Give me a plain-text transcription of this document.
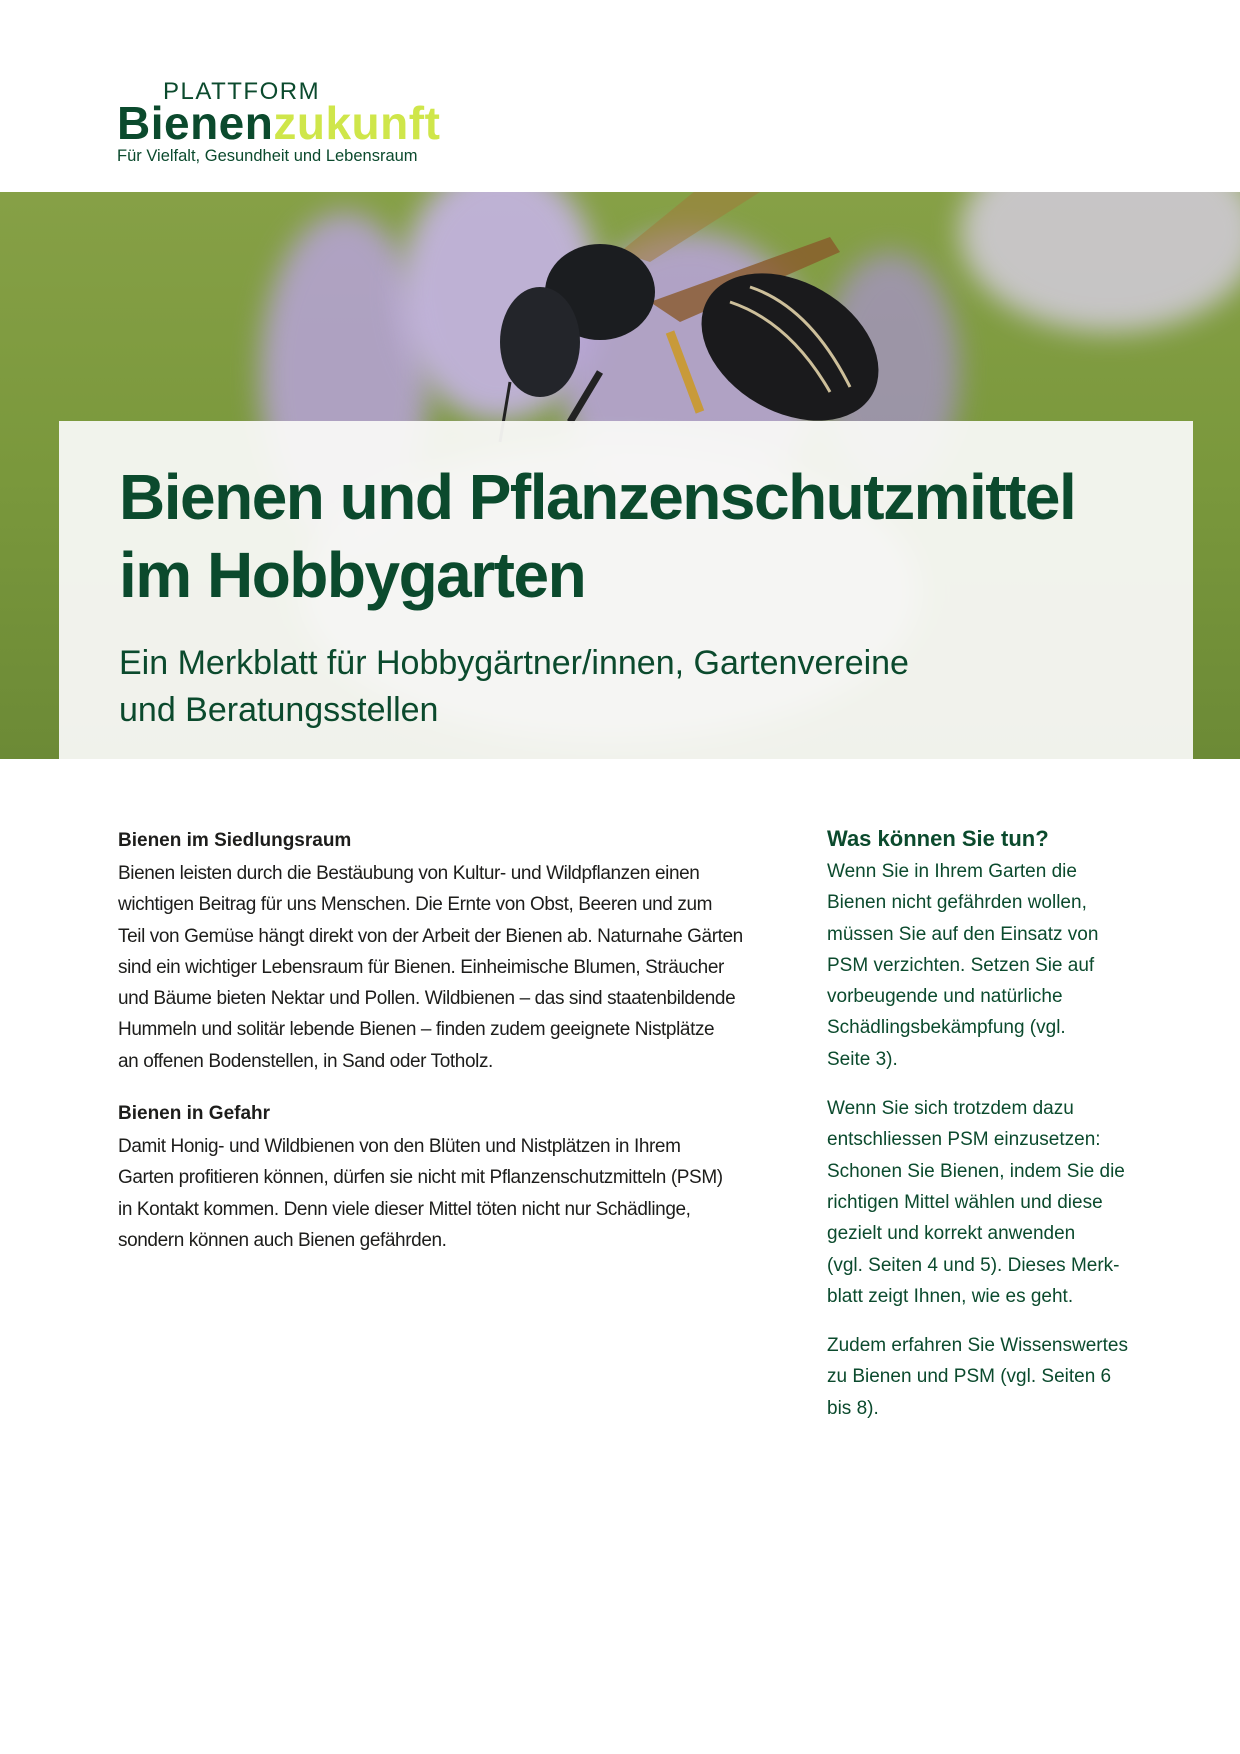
PLATTFORM
Bienenzukunft
Für Vielfalt, Gesundheit und Lebensraum
Bienen und Pflanzenschutzmittel
im Hobbygarten
Ein Merkblatt für Hobbygärtner/innen, Gartenvereine
und Beratungsstellen
Bienen im Siedlungsraum
Bienen leisten durch die Bestäubung von Kultur- und Wildpflanzen einen
wichtigen Beitrag für uns Menschen. Die Ernte von Obst, Beeren und zum
Teil von Gemüse hängt direkt von der Arbeit der Bienen ab. Naturnahe Gärten
sind ein wichtiger Lebensraum für Bienen. Einheimische Blumen, Sträucher
und Bäume bieten Nektar und Pollen. Wildbienen – das sind staatenbildende
Hummeln und solitär lebende Bienen – finden zudem geeignete Nistplätze
an offenen Bodenstellen, in Sand oder Totholz.
Bienen in Gefahr
Damit Honig- und Wildbienen von den Blüten und Nistplätzen in Ihrem
Garten profitieren können, dürfen sie nicht mit Pflanzenschutzmitteln (PSM)
in Kontakt kommen. Denn viele dieser Mittel töten nicht nur Schädlinge,
sondern können auch Bienen gefährden.
Was können Sie tun?
Wenn Sie in Ihrem Garten die
Bienen nicht gefährden wollen,
müssen Sie auf den Einsatz von
PSM verzichten. Setzen Sie auf
vorbeugende und natürliche
Schädlingsbekämpfung (vgl.
Seite 3).
Wenn Sie sich trotzdem dazu
entschliessen PSM einzusetzen:
Schonen Sie Bienen, indem Sie die
richtigen Mittel wählen und diese
gezielt und korrekt anwenden
(vgl. Seiten 4 und 5). Dieses Merk-
blatt zeigt Ihnen, wie es geht.
Zudem erfahren Sie Wissenswertes
zu Bienen und PSM (vgl. Seiten 6
bis 8).
